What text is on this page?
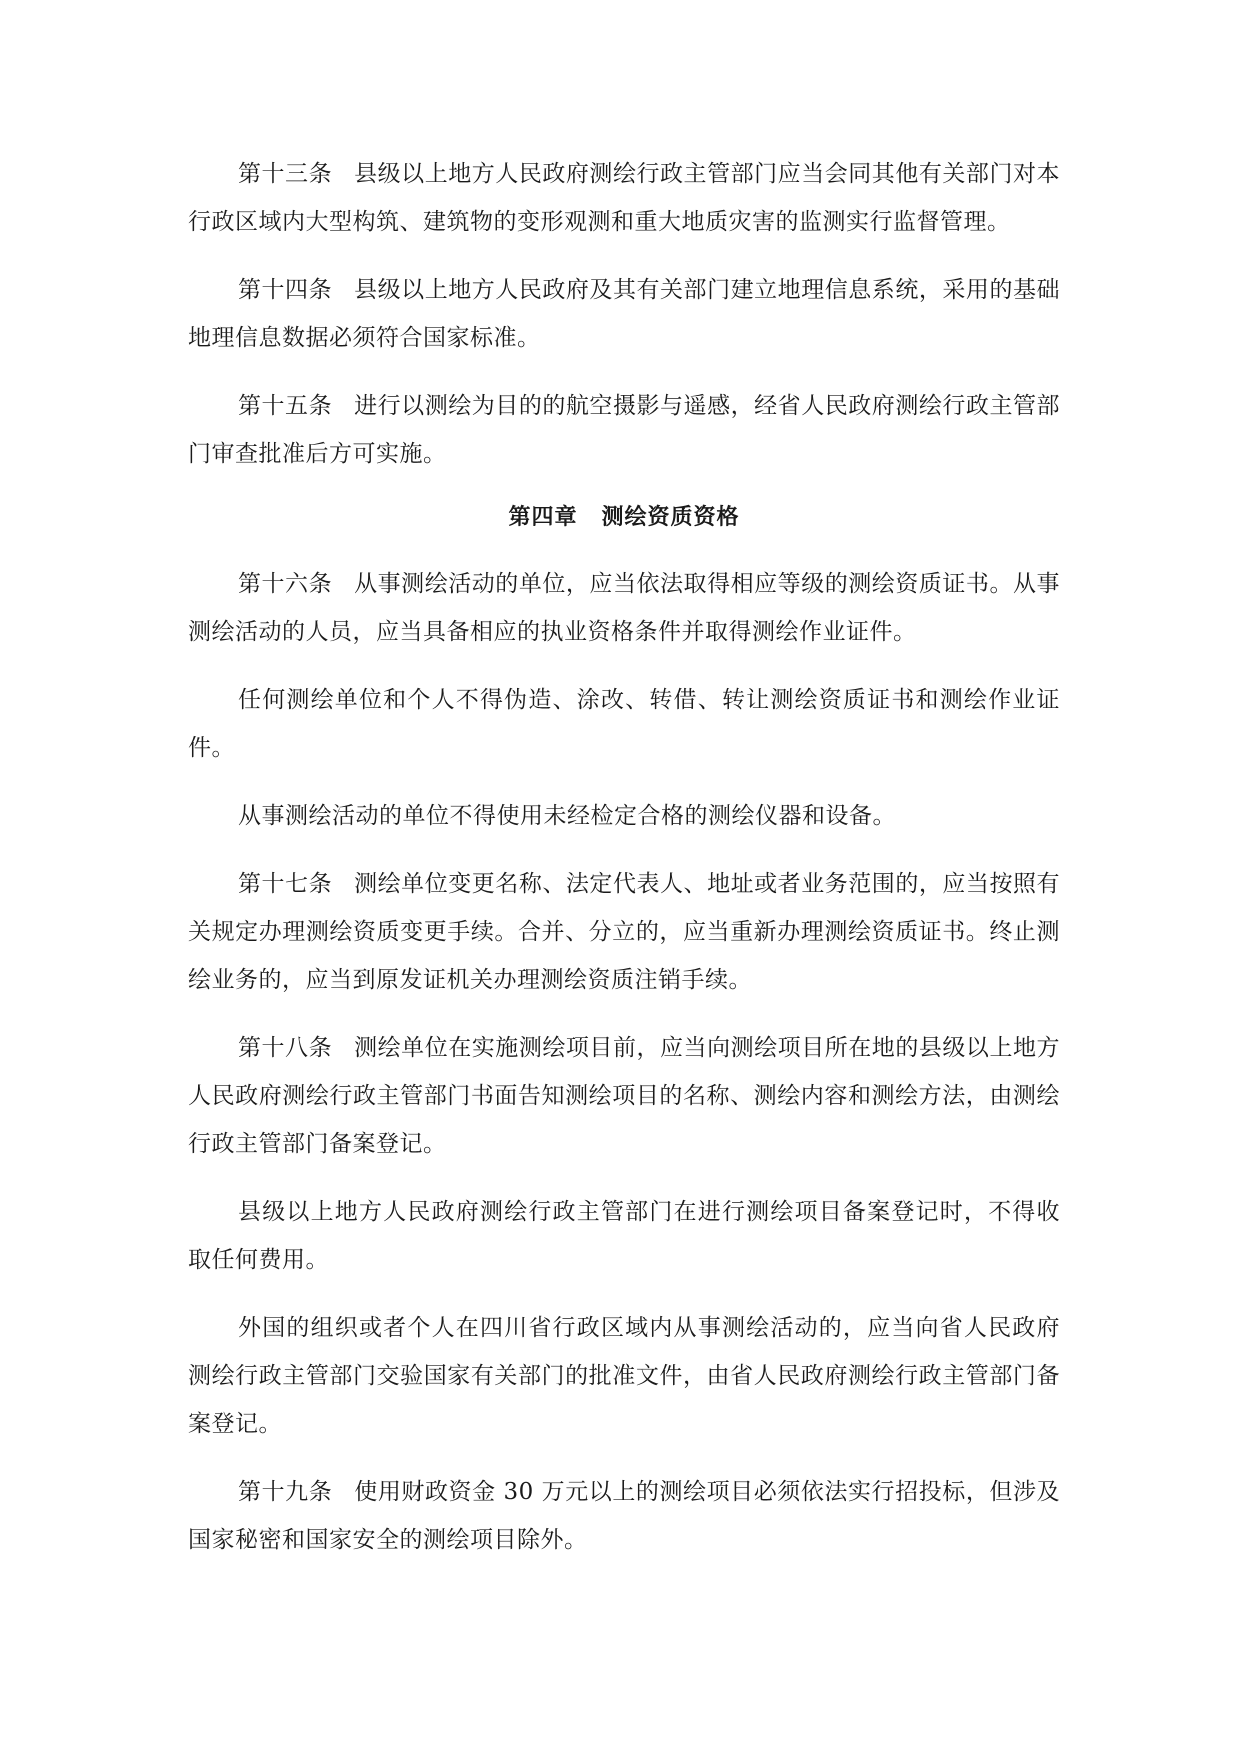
第十三条 县级以上地方人民政府测绘行政主管部门应当会同其他有关部门对本行政区域内大型构筑、建筑物的变形观测和重大地质灾害的监测实行监督管理。

第十四条 县级以上地方人民政府及其有关部门建立地理信息系统，采用的基础地理信息数据必须符合国家标准。

第十五条 进行以测绘为目的的航空摄影与遥感，经省人民政府测绘行政主管部门审查批准后方可实施。

第四章 测绘资质资格

第十六条 从事测绘活动的单位，应当依法取得相应等级的测绘资质证书。从事测绘活动的人员，应当具备相应的执业资格条件并取得测绘作业证件。

任何测绘单位和个人不得伪造、涂改、转借、转让测绘资质证书和测绘作业证件。

从事测绘活动的单位不得使用未经检定合格的测绘仪器和设备。

第十七条 测绘单位变更名称、法定代表人、地址或者业务范围的，应当按照有关规定办理测绘资质变更手续。合并、分立的，应当重新办理测绘资质证书。终止测绘业务的，应当到原发证机关办理测绘资质注销手续。

第十八条 测绘单位在实施测绘项目前，应当向测绘项目所在地的县级以上地方人民政府测绘行政主管部门书面告知测绘项目的名称、测绘内容和测绘方法，由测绘行政主管部门备案登记。

县级以上地方人民政府测绘行政主管部门在进行测绘项目备案登记时，不得收取任何费用。

外国的组织或者个人在四川省行政区域内从事测绘活动的，应当向省人民政府测绘行政主管部门交验国家有关部门的批准文件，由省人民政府测绘行政主管部门备案登记。

第十九条 使用财政资金 30 万元以上的测绘项目必须依法实行招投标，但涉及国家秘密和国家安全的测绘项目除外。
